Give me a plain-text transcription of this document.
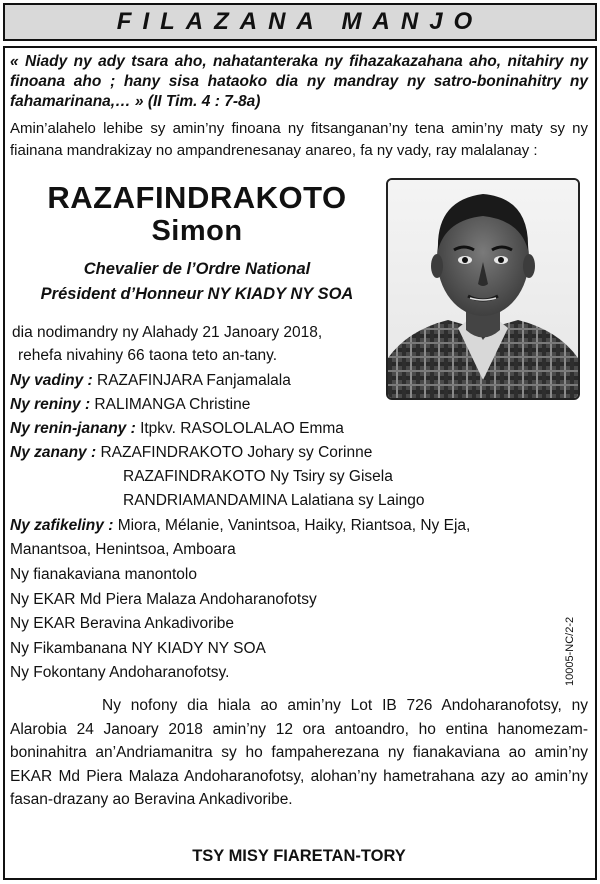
FILAZANA MANJO
« Niady ny ady tsara aho, nahatanteraka ny fihazakazahana aho, nitahiry ny finoana aho ; hany sisa hataoko dia ny mandray ny satro-boninahitry ny fahamarinana,… » (II Tim. 4 : 7-8a)
Amin’alahelo lehibe sy amin’ny finoana ny fitsanganan’ny tena amin’ny maty sy ny fiainana mandrakizay no ampandrenesanay anareo, fa ny vady, ray malalanay :
RAZAFINDRAKOTO
Simon
Chevalier de l’Ordre National
Président d’Honneur NY KIADY NY SOA
dia nodimandry ny Alahady 21 Janoary 2018,
rehefa nivahiny 66 taona teto an-tany.
Ny vadiny : RAZAFINJARA Fanjamalala
Ny reniny : RALIMANGA Christine
Ny renin-janany : Itpkv. RASOLOLALAO Emma
Ny zanany : RAZAFINDRAKOTO Johary sy Corinne
RAZAFINDRAKOTO Ny Tsiry sy Gisela
RANDRIAMANDAMINA Lalatiana sy Laingo
Ny zafikeliny : Miora, Mélanie, Vanintsoa, Haiky, Riantsoa, Ny Eja,
Manantsoa, Henintsoa, Amboara
Ny fianakaviana manontolo
Ny EKAR Md Piera Malaza Andoharanofotsy
Ny EKAR Beravina Ankadivoribe
Ny Fikambanana NY KIADY NY SOA
Ny Fokontany Andoharanofotsy.	10005-NC/2-2
Ny nofony dia hiala ao amin’ny Lot IB 726 Andoharanofotsy, ny Alarobia 24 Janoary 2018 amin’ny 12 ora antoandro, ho entina hanomezam-boninahitra an’Andriamanitra sy ho fampaherezana ny fianakaviana ao amin’ny EKAR Md Piera Malaza Andoharanofotsy, alohan’ny hametrahana azy ao amin’ny fasan-drazany ao Beravina Ankadivoribe.
TSY MISY FIARETAN-TORY
